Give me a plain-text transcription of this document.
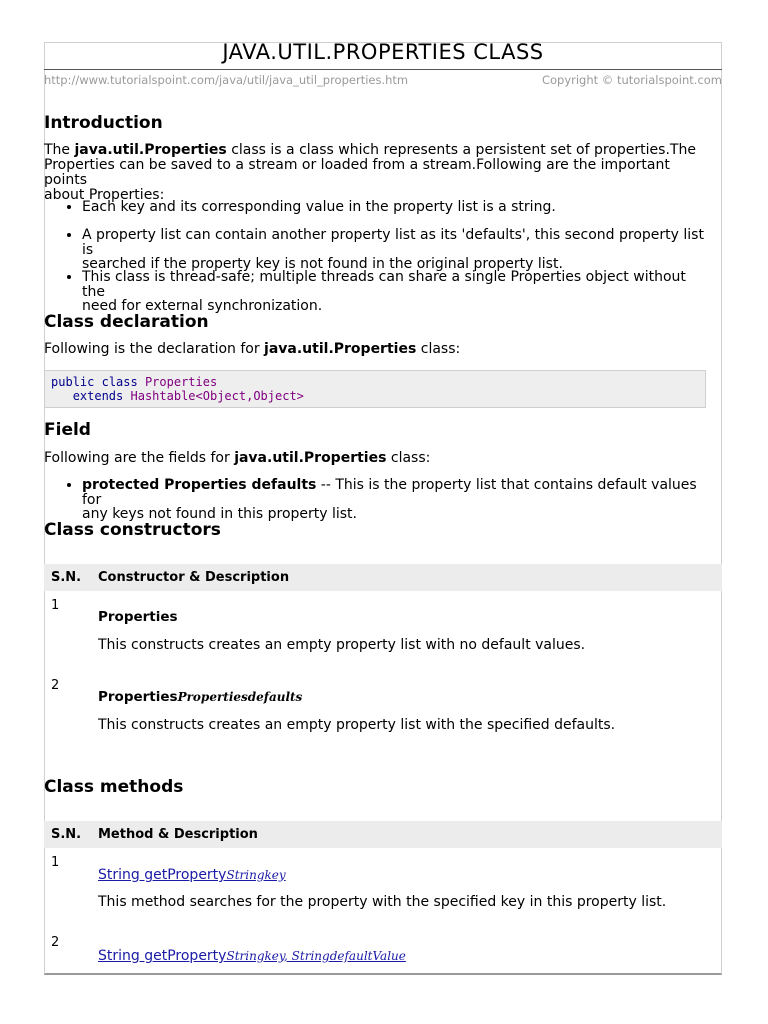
JAVA.UTIL.PROPERTIES CLASS
http://www.tutorialspoint.com/java/util/java_util_properties.htm	Copyright © tutorialspoint.com
Introduction

The java.util.Properties class is a class which represents a persistent set of properties.The

Properties can be saved to a stream or loaded from a stream.Following are the important points

about Properties:

• Each key and its corresponding value in the property list is a string.
• A property list can contain another property list as its 'defaults', this second property list is
searched if the property key is not found in the original property list.
• This class is thread-safe; multiple threads can share a single Properties object without the
need for external synchronization.
Class declaration

Following is the declaration for java.util.Properties class:

public class Properties
extends Hashtable<Object,Object>
Field

Following are the fields for java.util.Properties class:

• protected Properties defaults -- This is the property list that contains default values for
any keys not found in this property list.
Class constructors
S.N. Constructor & Description
1

Properties

This constructs creates an empty property list with no default values.
2

PropertiesPropertiesdefaults

This constructs creates an empty property list with the specified defaults.
Class methods
S.N. Method & Description
1
String getPropertyStringkey
This method searches for the property with the specified key in this property list.
2
String getPropertyStringkey, StringdefaultValue
